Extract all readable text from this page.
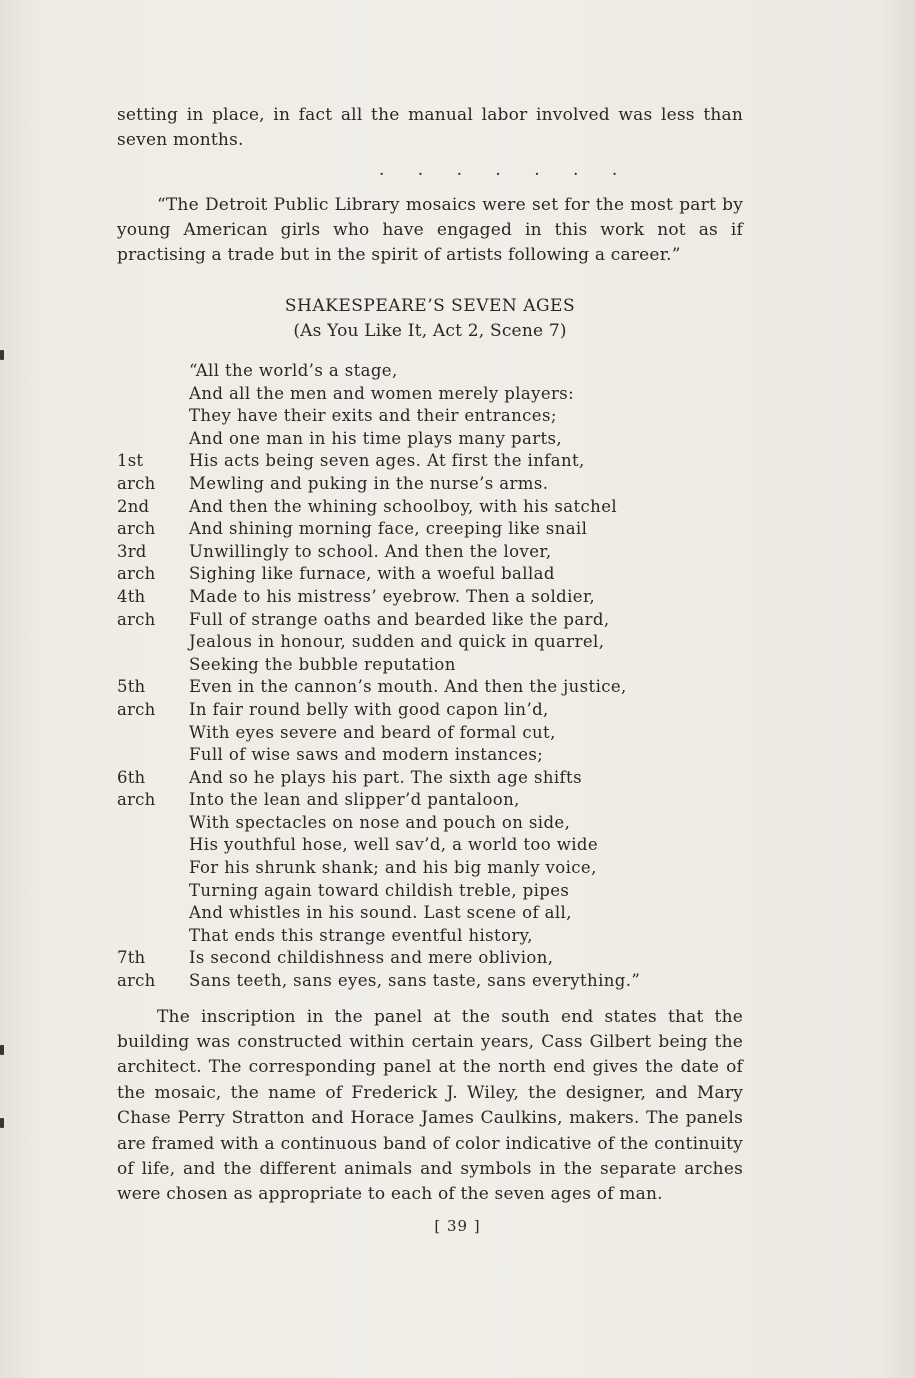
setting in place, in fact all the manual labor involved was less than seven months.

. . . . . . .

“The Detroit Public Library mosaics were set for the most part by young American girls who have engaged in this work not as if practising a trade but in the spirit of artists following a career.”

SHAKESPEARE’S SEVEN AGES
(As You Like It, Act 2, Scene 7)
“All the world’s a stage,
And all the men and women merely players:
They have their exits and their entrances;
And one man in his time plays many parts,
1st	His acts being seven ages. At first the infant,
arch	Mewling and puking in the nurse’s arms.
2nd	And then the whining schoolboy, with his satchel
arch	And shining morning face, creeping like snail
3rd	Unwillingly to school. And then the lover,
arch	Sighing like furnace, with a woeful ballad
4th	Made to his mistress’ eyebrow. Then a soldier,
arch	Full of strange oaths and bearded like the pard,
Jealous in honour, sudden and quick in quarrel,
Seeking the bubble reputation
5th	Even in the cannon’s mouth. And then the justice,
arch	In fair round belly with good capon lin’d,
With eyes severe and beard of formal cut,
Full of wise saws and modern instances;
6th	And so he plays his part. The sixth age shifts
arch	Into the lean and slipper’d pantaloon,
With spectacles on nose and pouch on side,
His youthful hose, well sav’d, a world too wide
For his shrunk shank; and his big manly voice,
Turning again toward childish treble, pipes
And whistles in his sound. Last scene of all,
That ends this strange eventful history,
7th	Is second childishness and mere oblivion,
arch	Sans teeth, sans eyes, sans taste, sans everything.”

The inscription in the panel at the south end states that the building was constructed within certain years, Cass Gilbert being the architect. The corresponding panel at the north end gives the date of the mosaic, the name of Frederick J. Wiley, the designer, and Mary Chase Perry Stratton and Horace James Caulkins, makers. The panels are framed with a continuous band of color indicative of the continuity of life, and the different animals and symbols in the separate arches were chosen as appropriate to each of the seven ages of man.

[ 39 ]
